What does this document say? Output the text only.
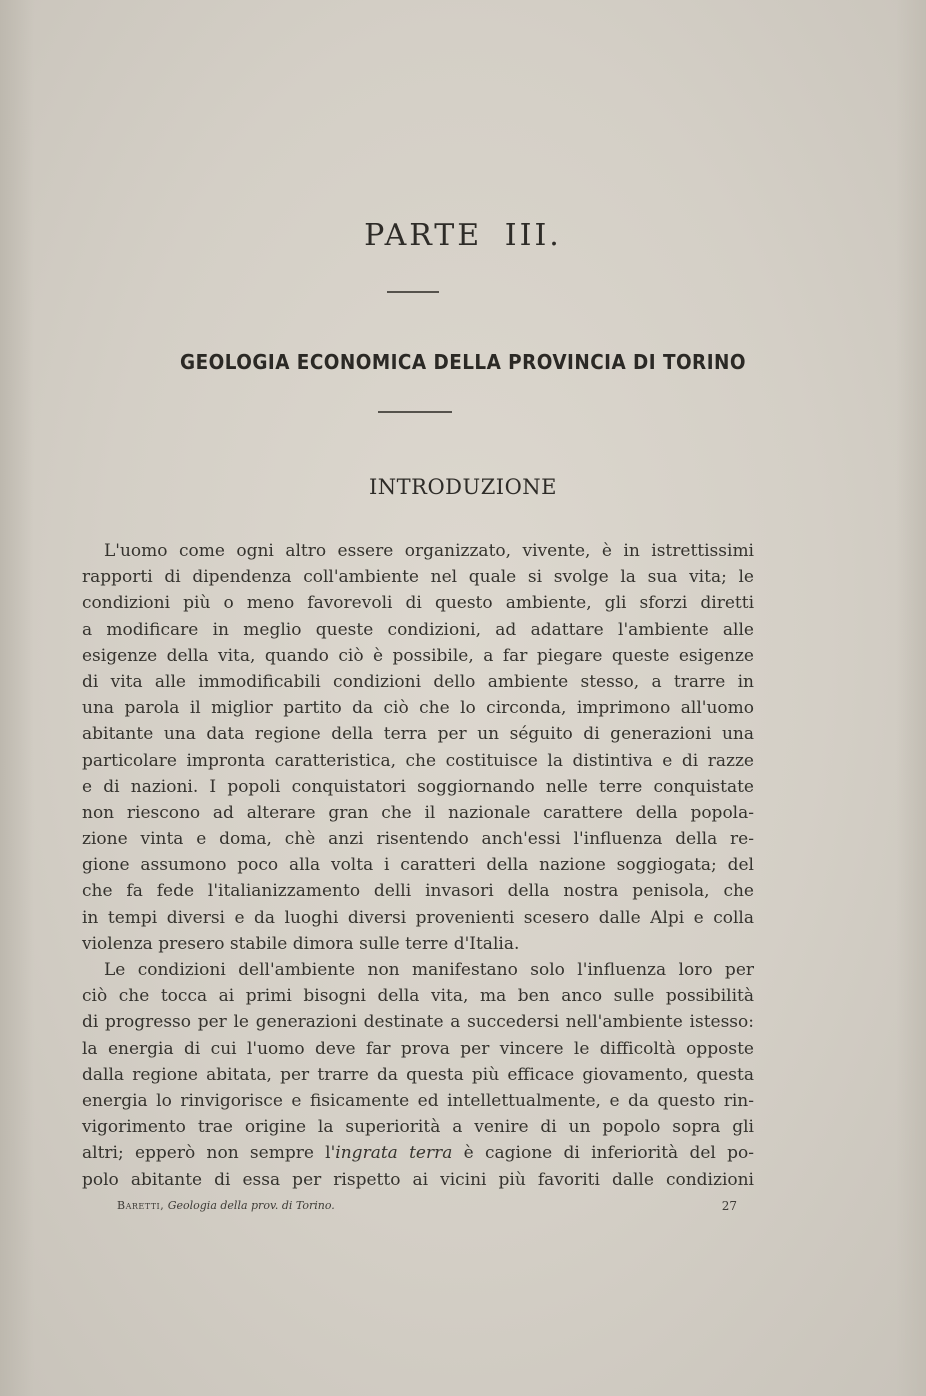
PARTE III.
GEOLOGIA ECONOMICA DELLA PROVINCIA DI TORINO
INTRODUZIONE
L'uomo come ogni altro essere organizzato, vivente, è in istrettissimi
rapporti di dipendenza coll'ambiente nel quale si svolge la sua vita; le
condizioni più o meno favorevoli di questo ambiente, gli sforzi diretti
a modificare in meglio queste condizioni, ad adattare l'ambiente alle
esigenze della vita, quando ciò è possibile, a far piegare queste esigenze
di vita alle immodificabili condizioni dello ambiente stesso, a trarre in
una parola il miglior partito da ciò che lo circonda, imprimono all'uomo
abitante una data regione della terra per un séguito di generazioni una
particolare impronta caratteristica, che costituisce la distintiva e di razze
e di nazioni. I popoli conquistatori soggiornando nelle terre conquistate
non riescono ad alterare gran che il nazionale carattere della popola-
zione vinta e doma, chè anzi risentendo anch'essi l'influenza della re-
gione assumono poco alla volta i caratteri della nazione soggiogata; del
che fa fede l'italianizzamento delli invasori della nostra penisola, che
in tempi diversi e da luoghi diversi provenienti scesero dalle Alpi e colla
violenza presero stabile dimora sulle terre d'Italia.
Le condizioni dell'ambiente non manifestano solo l'influenza loro per
ciò che tocca ai primi bisogni della vita, ma ben anco sulle possibilità
di progresso per le generazioni destinate a succedersi nell'ambiente istesso:
la energia di cui l'uomo deve far prova per vincere le difficoltà opposte
dalla regione abitata, per trarre da questa più efficace giovamento, questa
energia lo rinvigorisce e fisicamente ed intellettualmente, e da questo rin-
vigorimento trae origine la superiorità a venire di un popolo sopra gli
altri; epperò non sempre l'ingrata terra è cagione di inferiorità del po-
polo abitante di essa per rispetto ai vicini più favoriti dalle condizioni
Baretti, Geologia della prov. di Torino.	27
